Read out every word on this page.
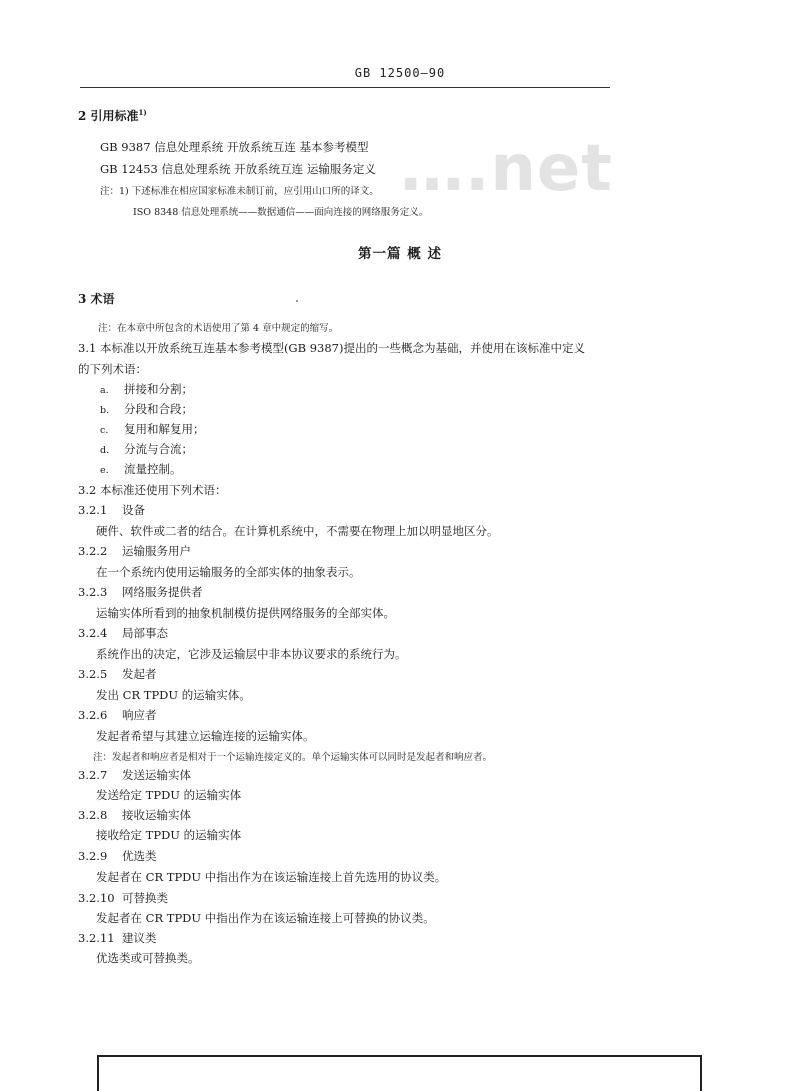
GB 12500—90
….net
2 引用标准$^{1)}$
GB 9387 信息处理系统 开放系统互连 基本参考模型
GB 12453 信息处理系统 开放系统互连 运输服务定义
注：1) 下述标准在相应国家标准未制订前，应引用山口所的译文。
ISO 8348 信息处理系统——数据通信——面向连接的网络服务定义。
第一篇 概 述
3 术语
注：在本章中所包含的术语使用了第 4 章中规定的缩写。
3.1 本标准以开放系统互连基本参考模型(GB 9387)提出的一些概念为基础，并使用在该标准中定义
的下列术语：
a. 拼接和分割；
b. 分段和合段；
c. 复用和解复用；
d. 分流与合流；
e. 流量控制。
3.2 本标准还使用下列术语：
3.2.1 设备
硬件、软件或二者的结合。在计算机系统中，不需要在物理上加以明显地区分。
3.2.2 运输服务用户
在一个系统内使用运输服务的全部实体的抽象表示。
3.2.3 网络服务提供者
运输实体所看到的抽象机制模仿提供网络服务的全部实体。
3.2.4 局部事态
系统作出的决定，它涉及运输层中非本协议要求的系统行为。
3.2.5 发起者
发出 CR TPDU 的运输实体。
3.2.6 响应者
发起者希望与其建立运输连接的运输实体。
注：发起者和响应者是相对于一个运输连接定义的。单个运输实体可以同时是发起者和响应者。
3.2.7 发送运输实体
发送给定 TPDU 的运输实体
3.2.8 接收运输实体
接收给定 TPDU 的运输实体
3.2.9 优选类
发起者在 CR TPDU 中指出作为在该运输连接上首先选用的协议类。
3.2.10 可替换类
发起者在 CR TPDU 中指出作为在该运输连接上可替换的协议类。
3.2.11 建议类
优选类或可替换类。
